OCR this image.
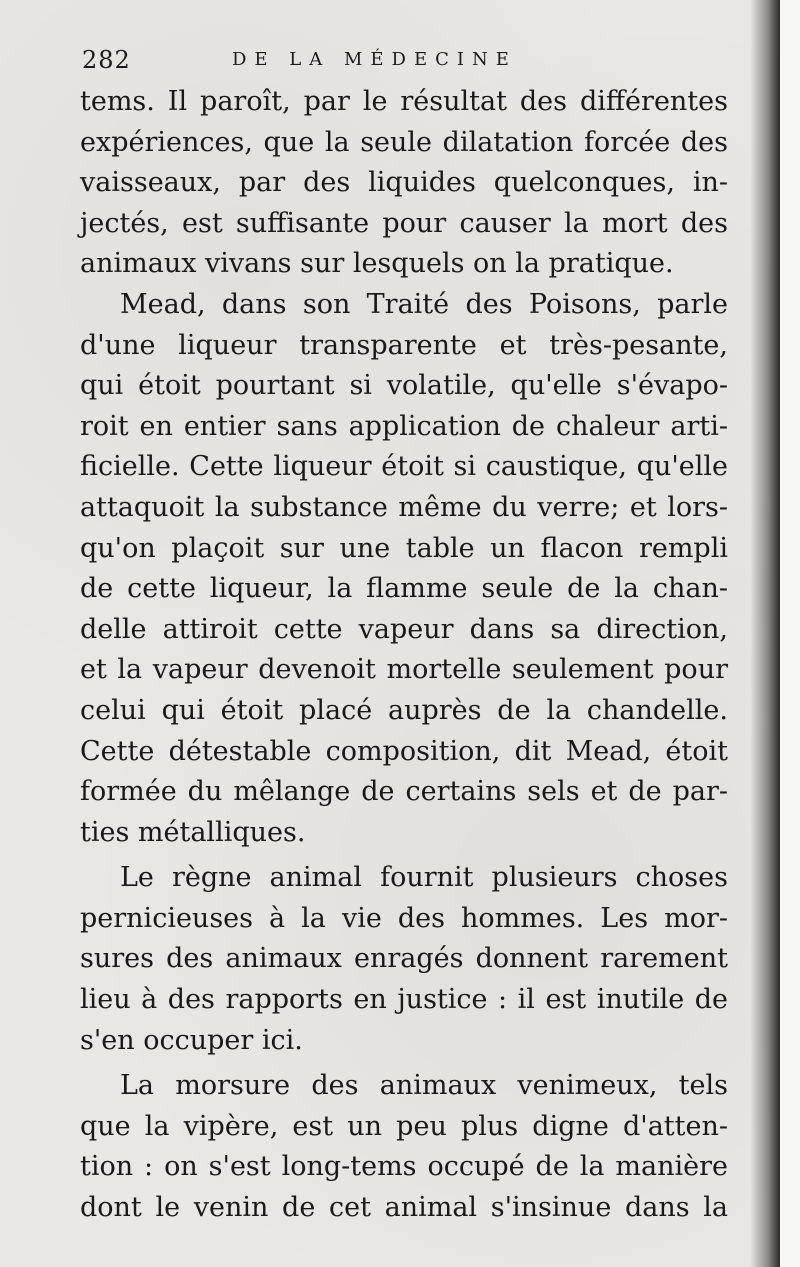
282	DE LA MÉDECINE
tems. Il paroît, par le résultat des différentes
expériences, que la seule dilatation forcée des
vaisseaux, par des liquides quelconques, in-
jectés, est suffisante pour causer la mort des
animaux vivans sur lesquels on la pratique.
Mead, dans son Traité des Poisons, parle
d'une liqueur transparente et très-pesante,
qui étoit pourtant si volatile, qu'elle s'évapo-
roit en entier sans application de chaleur arti-
ficielle. Cette liqueur étoit si caustique, qu'elle
attaquoit la substance même du verre; et lors-
qu'on plaçoit sur une table un flacon rempli
de cette liqueur, la flamme seule de la chan-
delle attiroit cette vapeur dans sa direction,
et la vapeur devenoit mortelle seulement pour
celui qui étoit placé auprès de la chandelle.
Cette détestable composition, dit Mead, étoit
formée du mêlange de certains sels et de par-
ties métalliques.
Le règne animal fournit plusieurs choses
pernicieuses à la vie des hommes. Les mor-
sures des animaux enragés donnent rarement
lieu à des rapports en justice : il est inutile de
s'en occuper ici.
La morsure des animaux venimeux, tels
que la vipère, est un peu plus digne d'atten-
tion : on s'est long-tems occupé de la manière
dont le venin de cet animal s'insinue dans la
